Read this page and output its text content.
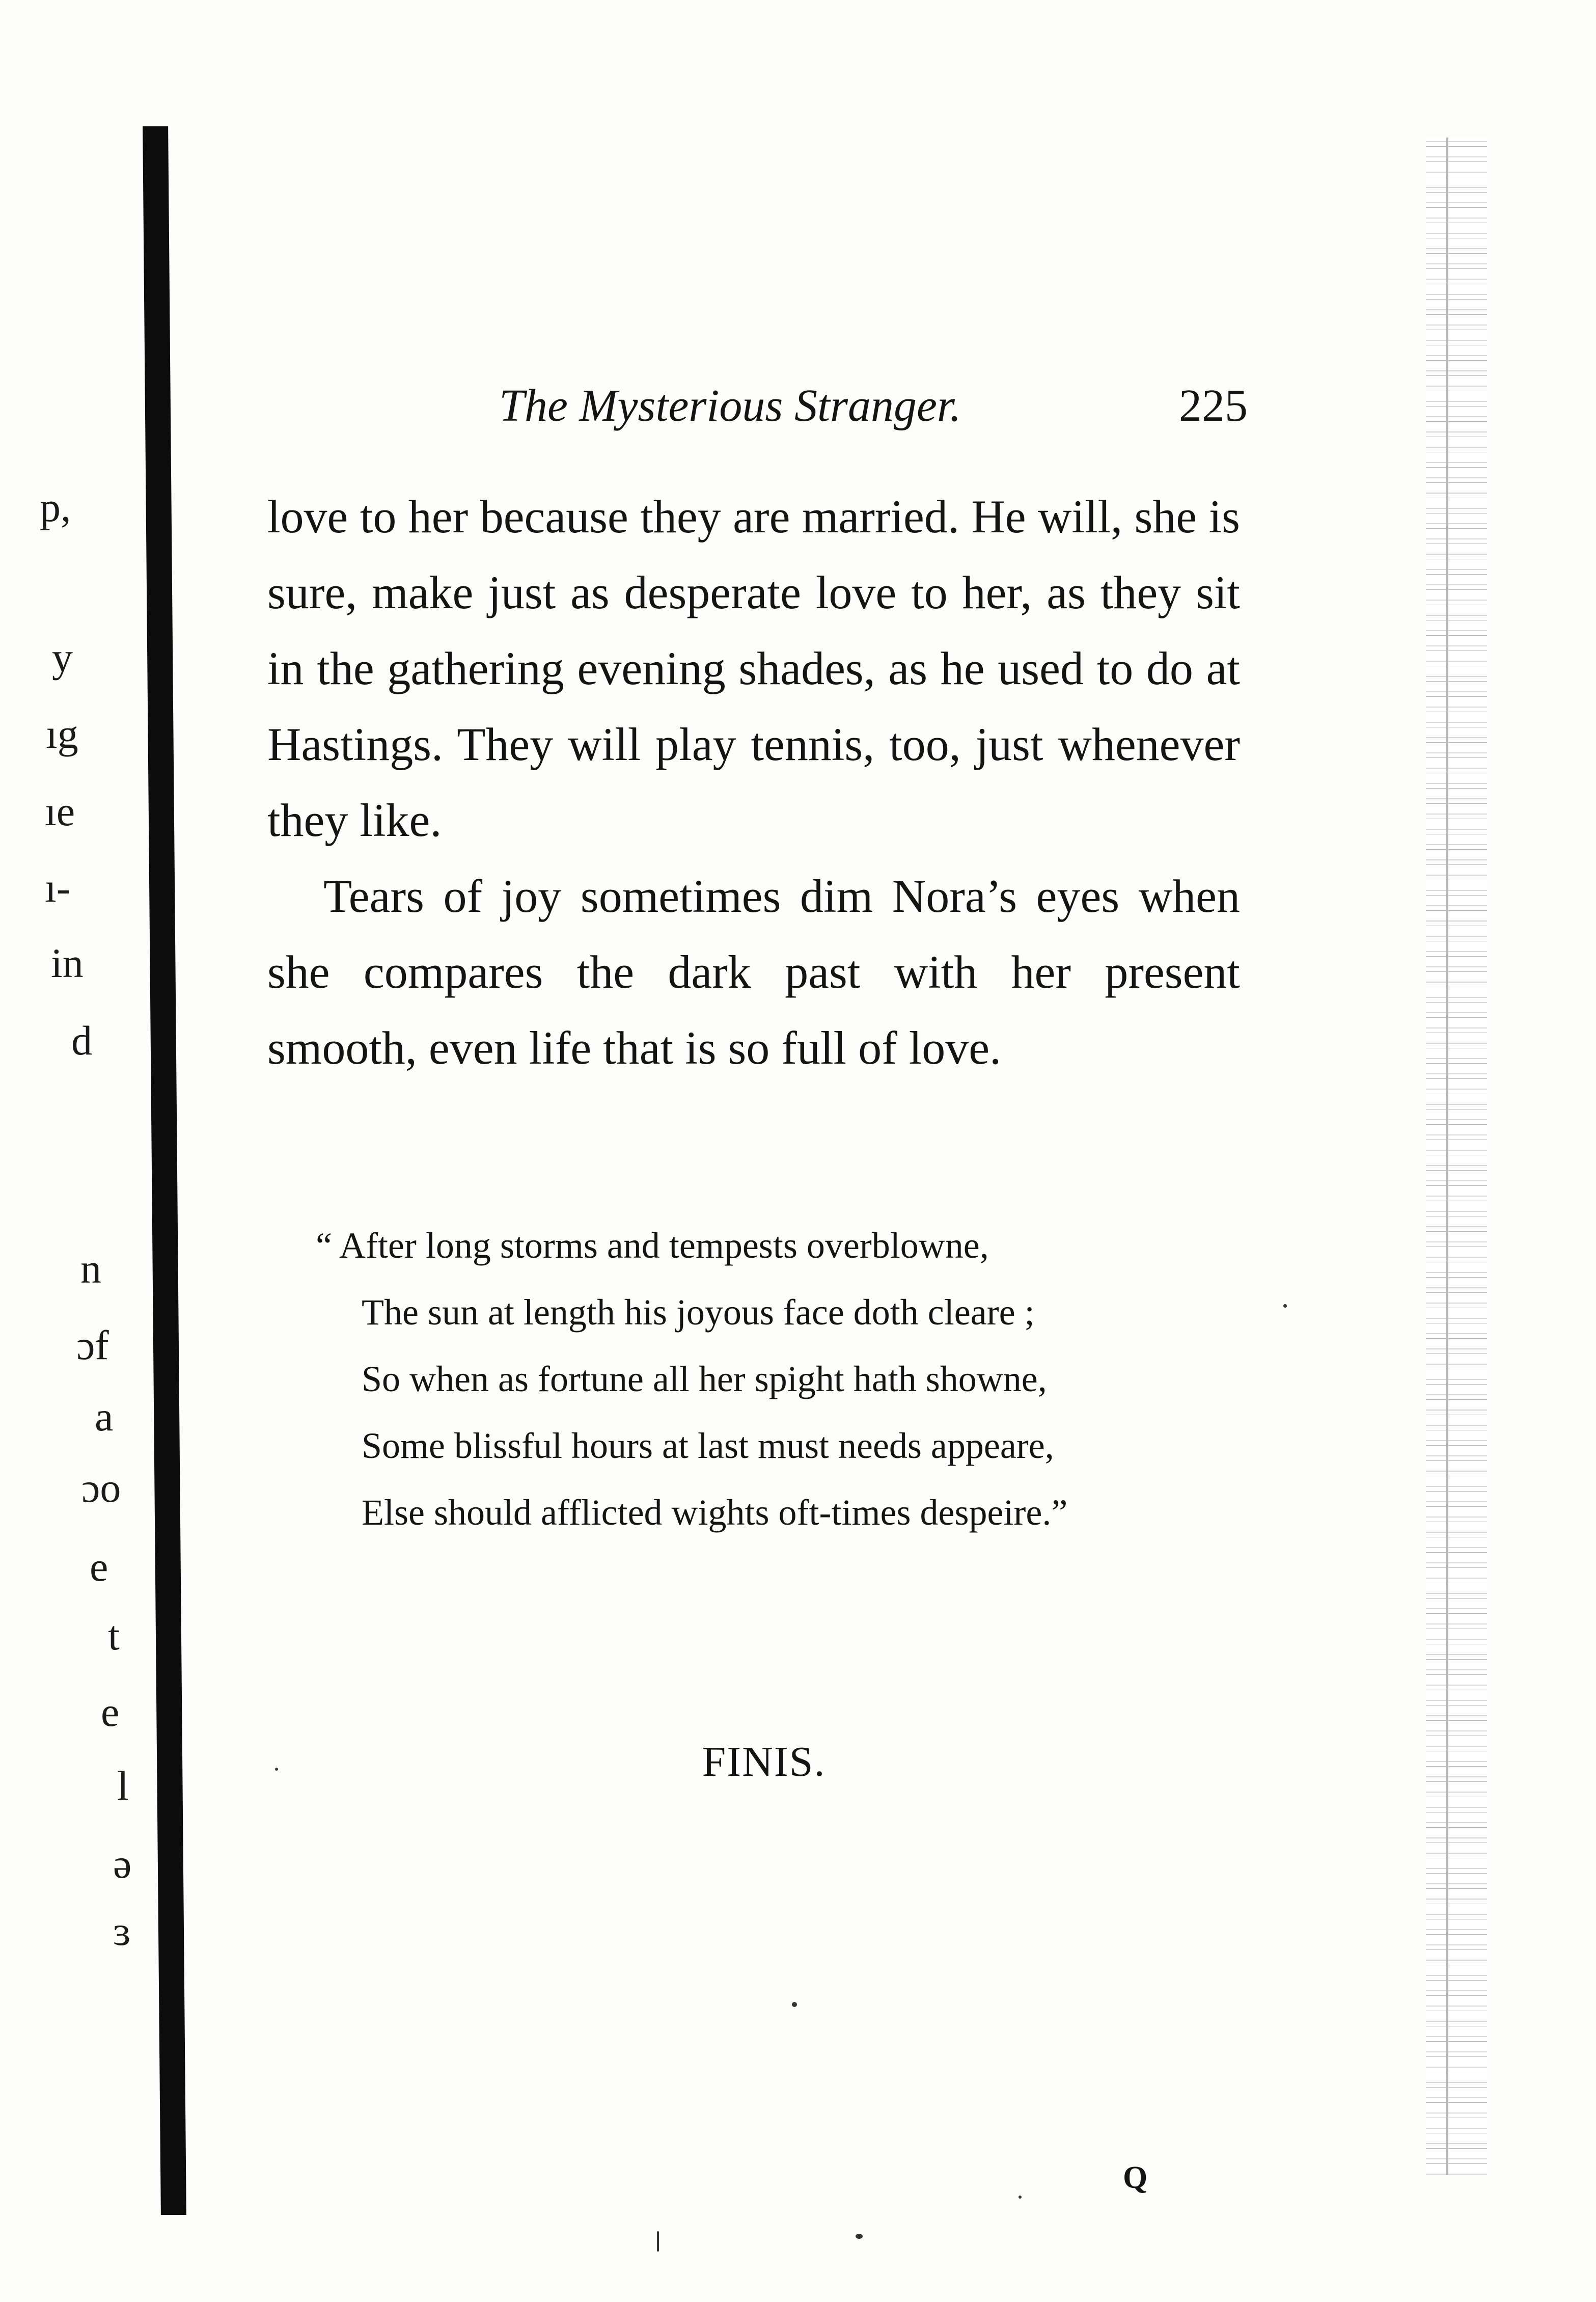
p,
y
ıg
ıe
ı-
in
d
n
ɔf
a
ɔo
e
t
e
l
ə
ɜ
The Mysterious Stranger.	225

love to her because they are married. He will, she is sure, make just as desperate love to her, as they sit in the gathering evening shades, as he used to do at Hastings. They will play tennis, too, just whenever they like.

Tears of joy sometimes dim Nora’s eyes when she compares the dark past with her present smooth, even life that is so full of love.

“ After long storms and tempests overblowne,
The sun at length his joyous face doth cleare ;
So when as fortune all her spight hath showne,
Some blissful hours at last must needs appeare,
Else should afflicted wights oft-times despeire.”
FINIS.
Q
